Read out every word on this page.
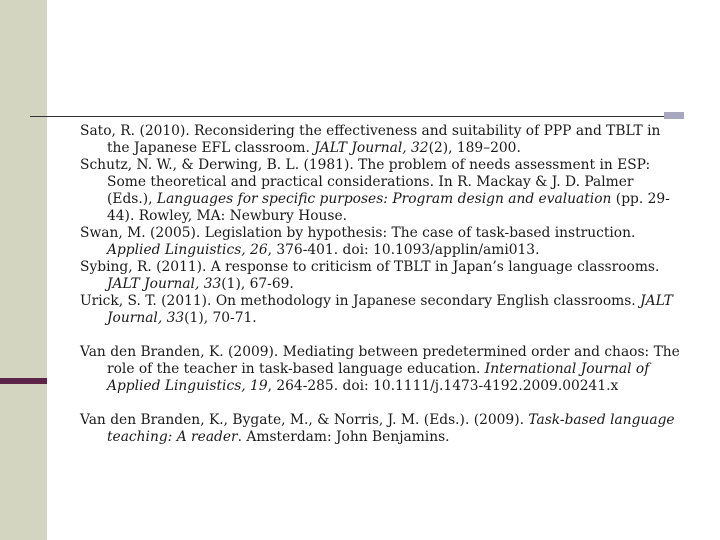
Sato, R. (2010). Reconsidering the effectiveness and suitability of PPP and TBLT in the Japanese EFL classroom. JALT Journal, 32(2), 189–200.

Schutz, N. W., & Derwing, B. L. (1981). The problem of needs assessment in ESP: Some theoretical and practical considerations. In R. Mackay & J. D. Palmer (Eds.), Languages for specific purposes: Program design and evaluation (pp. 29-44). Rowley, MA: Newbury House.

Swan, M. (2005). Legislation by hypothesis: The case of task-based instruction. Applied Linguistics, 26, 376-401. doi: 10.1093/applin/ami013.

Sybing, R. (2011). A response to criticism of TBLT in Japan’s language classrooms. JALT Journal, 33(1), 67-69.

Urick, S. T. (2011). On methodology in Japanese secondary English classrooms. JALT Journal, 33(1), 70-71.

Van den Branden, K. (2009). Mediating between predetermined order and chaos: The role of the teacher in task-based language education. International Journal of Applied Linguistics, 19, 264-285. doi: 10.1111/j.1473-4192.2009.00241.x

Van den Branden, K., Bygate, M., & Norris, J. M. (Eds.). (2009). Task-based language teaching: A reader. Amsterdam: John Benjamins.
